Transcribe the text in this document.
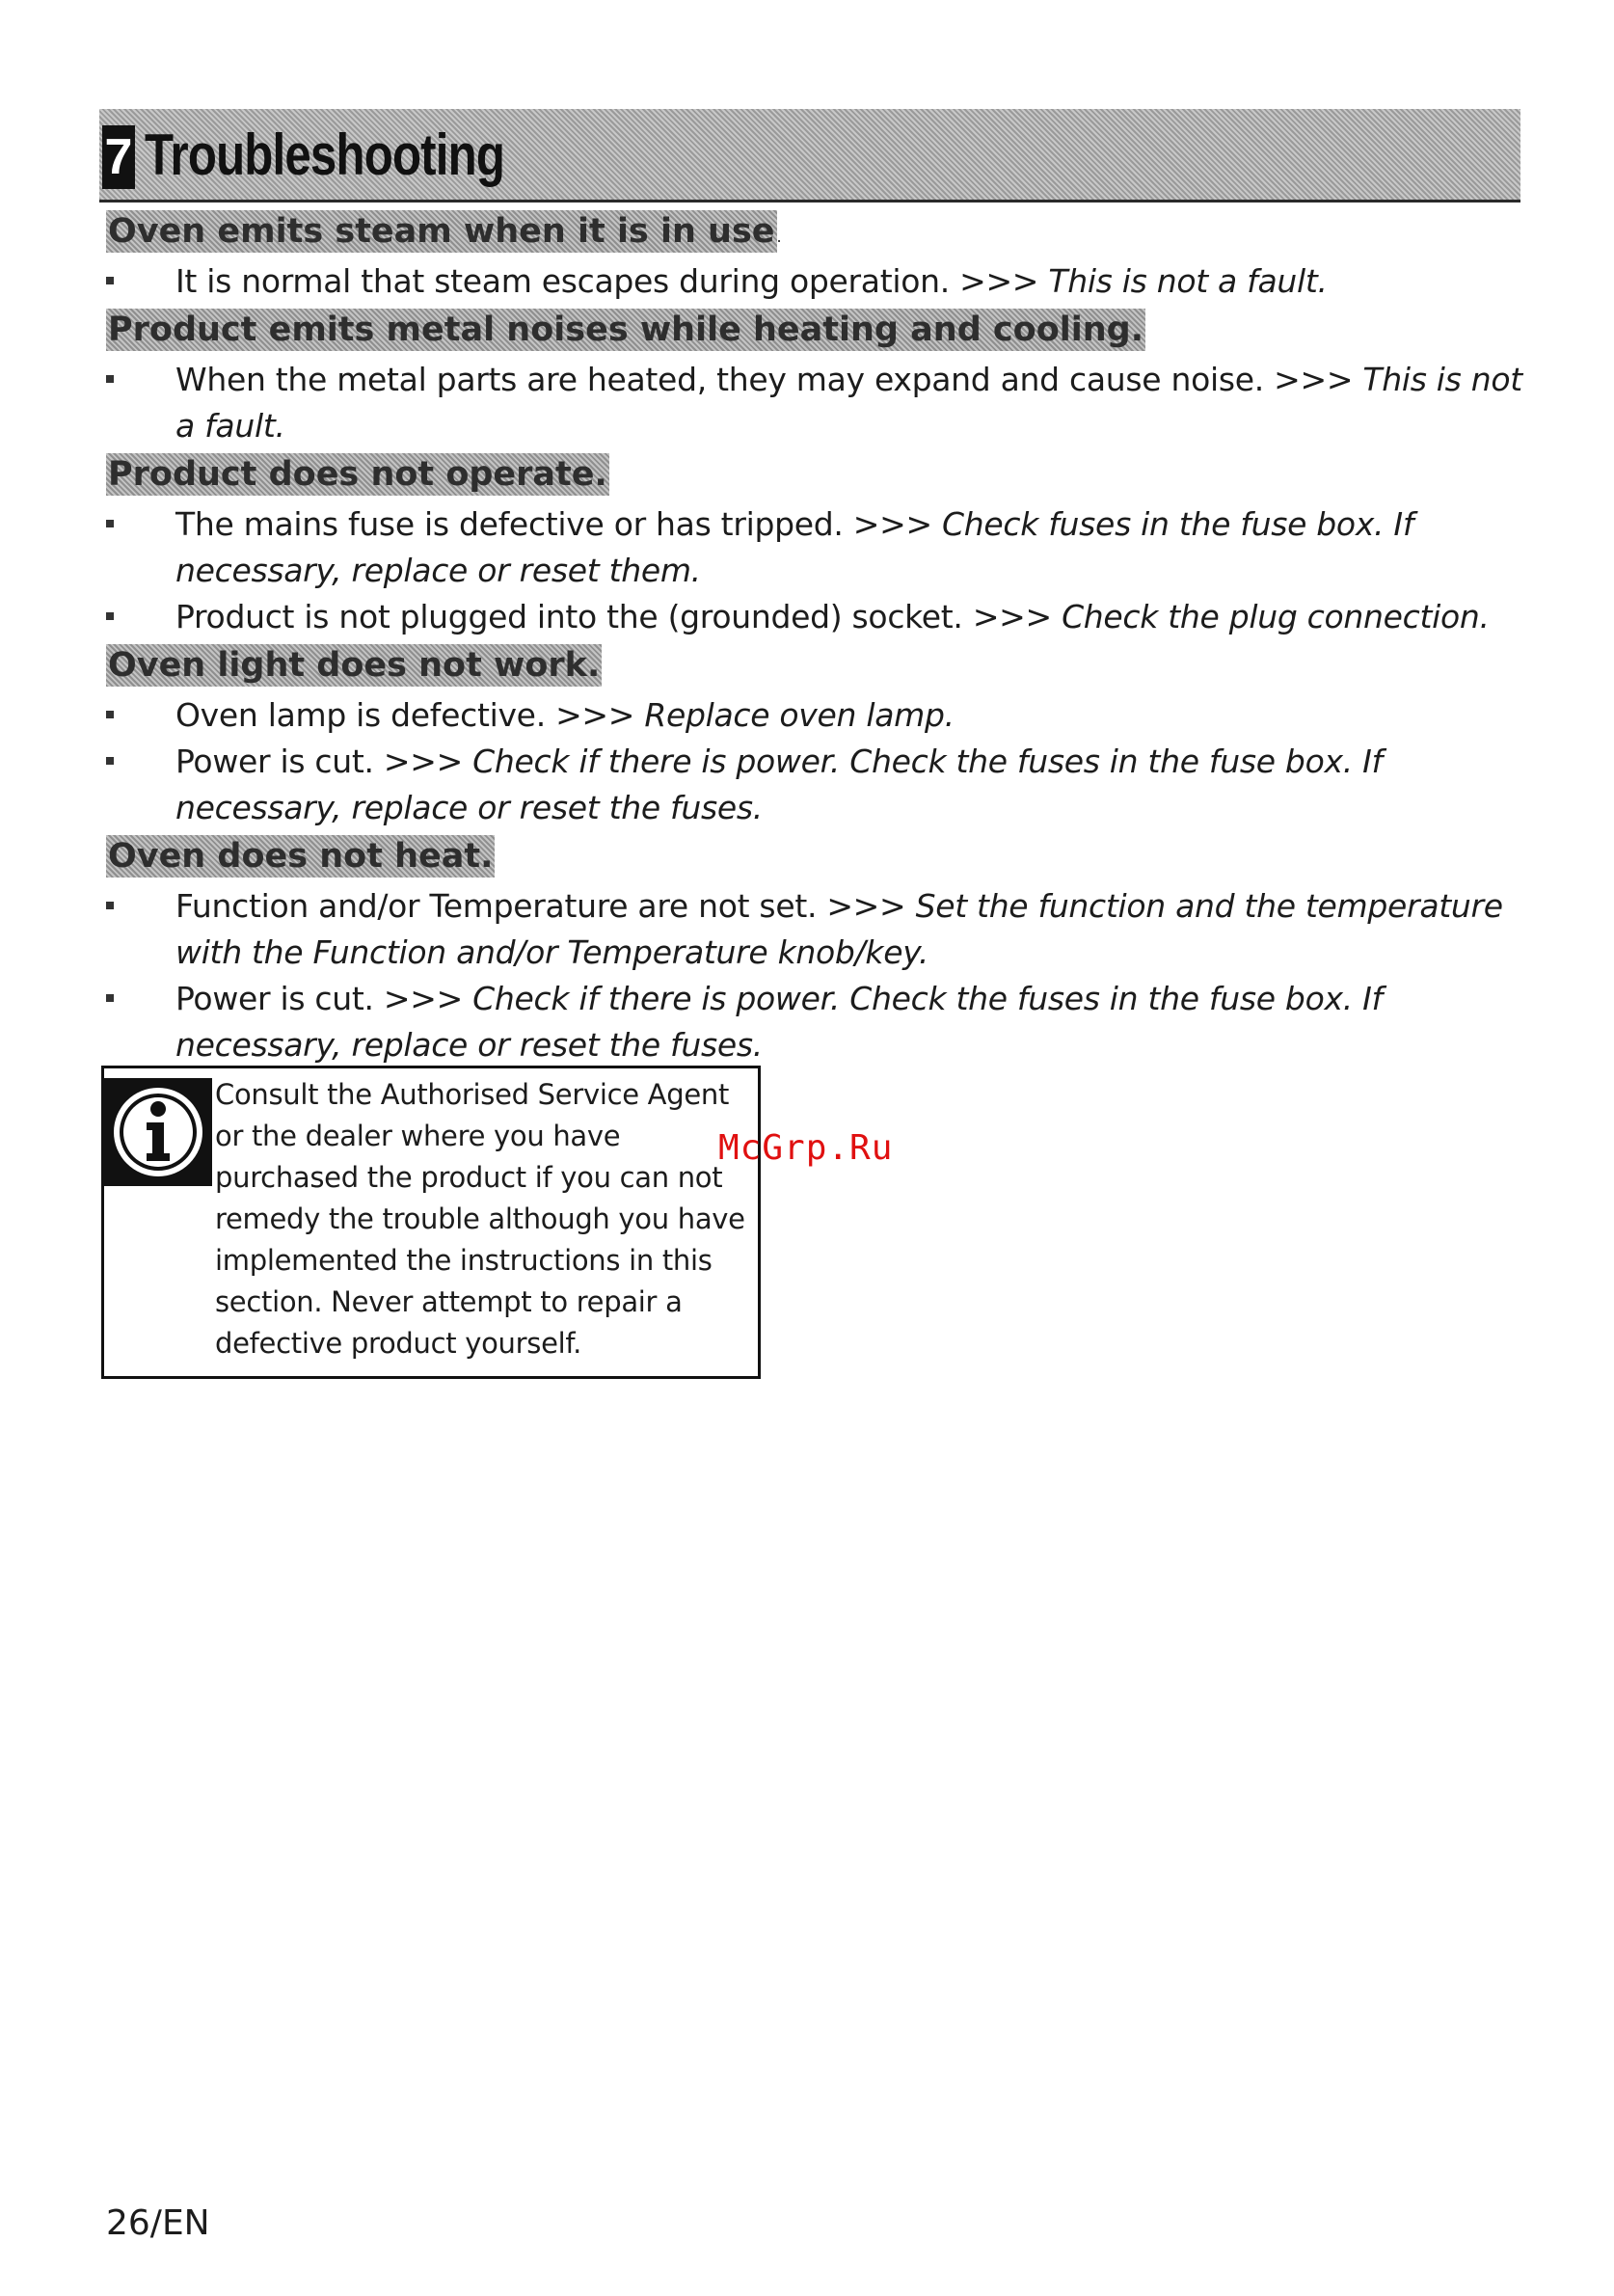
7 Troubleshooting
Oven emits steam when it is in use .
It is normal that steam escapes during operation. >>> This is not a fault.
Product emits metal noises while heating and cooling.
When the metal parts are heated, they may expand and cause noise. >>> This is not a fault.
Product does not operate.
The mains fuse is defective or has tripped. >>> Check fuses in the fuse box. If necessary, replace or reset them.
Product is not plugged into the (grounded) socket. >>> Check the plug connection.
Oven light does not work.
Oven lamp is defective. >>> Replace oven lamp.
Power is cut. >>> Check if there is power. Check the fuses in the fuse box. If necessary, replace or reset the fuses.
Oven does not heat.
Function and/or Temperature are not set. >>> Set the function and the temperature with the Function and/or Temperature knob/key.
Power is cut. >>> Check if there is power. Check the fuses in the fuse box. If necessary, replace or reset the fuses.
Consult the Authorised Service Agent or the dealer where you have purchased the product if you can not remedy the trouble although you have implemented the instructions in this section. Never attempt to repair a defective product yourself.
McGrp.Ru
26/EN
